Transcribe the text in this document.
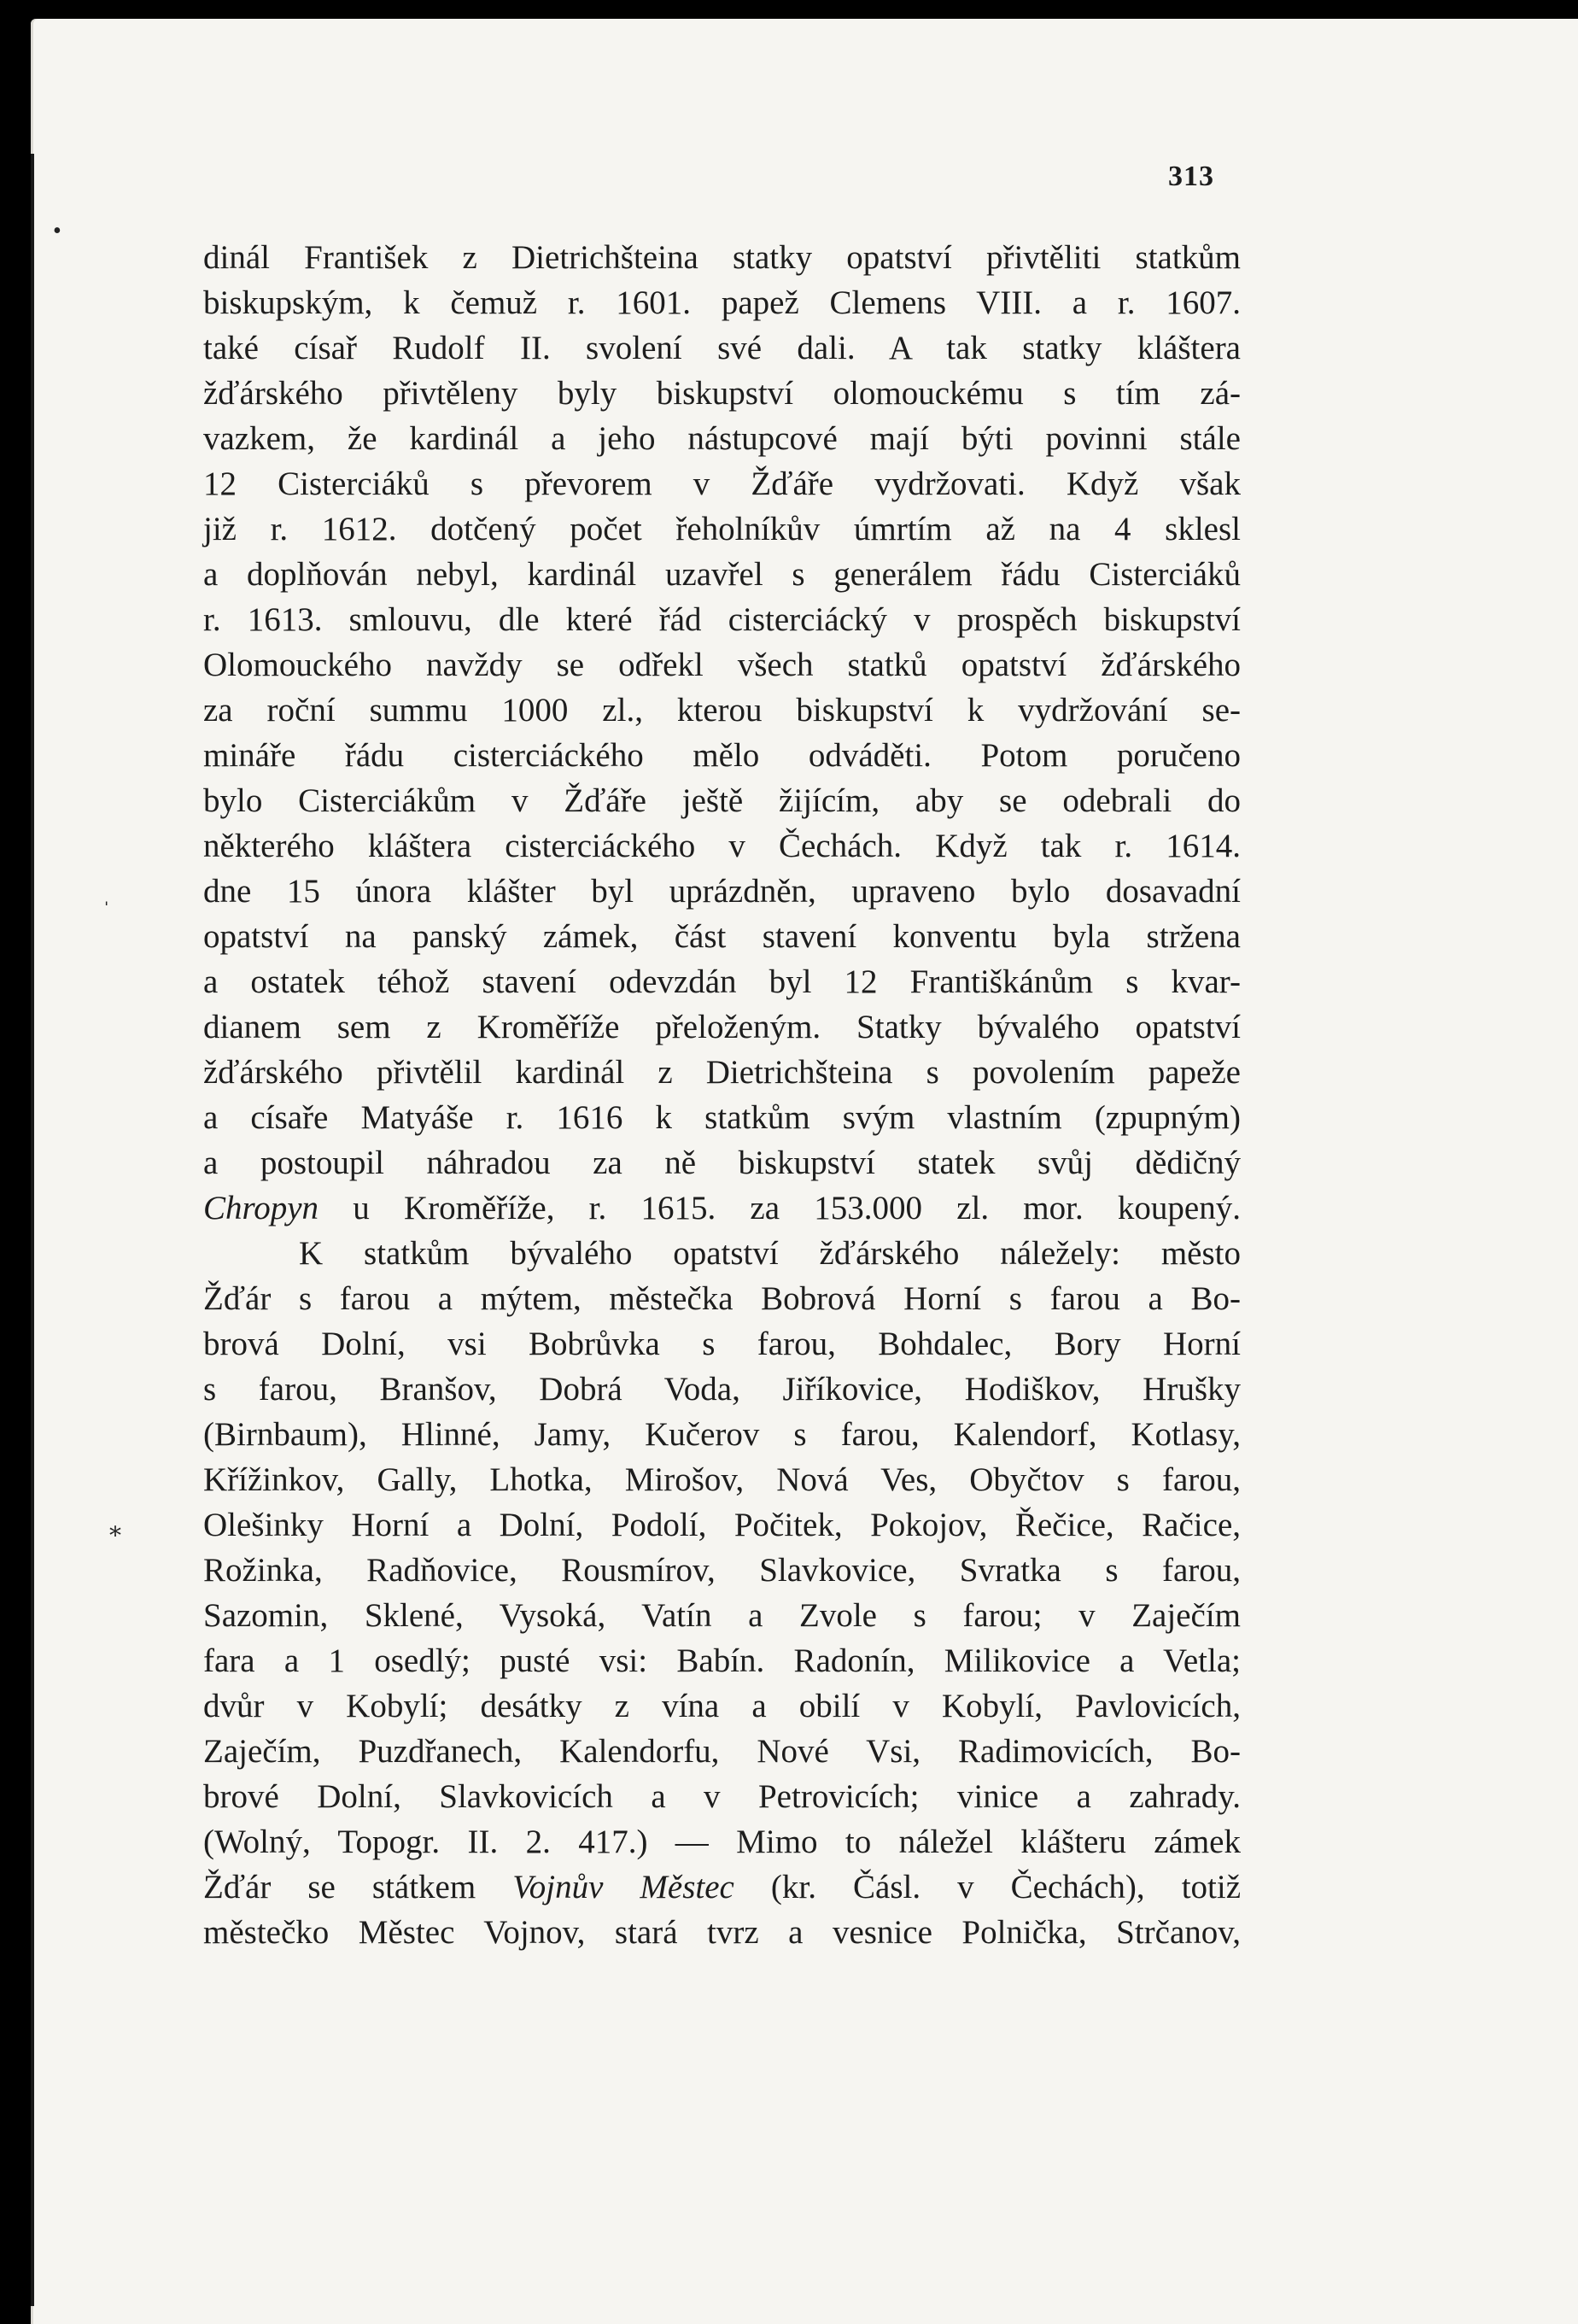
313
dinál František z Dietrichšteina statky opatství přivtěliti statkům
biskupským, k čemuž r. 1601. papež Clemens VIII. a r. 1607.
také císař Rudolf II. svolení své dali. A tak statky kláštera
žďárského přivtěleny byly biskupství olomouckému s tím zá-
vazkem, že kardinál a jeho nástupcové mají býti povinni stále
12 Cisterciáků s převorem v Žďáře vydržovati. Když však
již r. 1612. dotčený počet řeholníkův úmrtím až na 4 sklesl
a doplňován nebyl, kardinál uzavřel s generálem řádu Cisterciáků
r. 1613. smlouvu, dle které řád cisterciácký v prospěch biskupství
Olomouckého navždy se odřekl všech statků opatství žďárského
za roční summu 1000 zl., kterou biskupství k vydržování se-
mináře řádu cisterciáckého mělo odváděti. Potom poručeno
bylo Cisterciákům v Žďáře ještě žijícím, aby se odebrali do
některého kláštera cisterciáckého v Čechách. Když tak r. 1614.
dne 15 února klášter byl uprázdněn, upraveno bylo dosavadní
opatství na panský zámek, část stavení konventu byla stržena
a ostatek téhož stavení odevzdán byl 12 Františkánům s kvar-
dianem sem z Kroměříže přeloženým. Statky bývalého opatství
žďárského přivtělil kardinál z Dietrichšteina s povolením papeže
a císaře Matyáše r. 1616 k statkům svým vlastním (zpupným)
a postoupil náhradou za ně biskupství statek svůj dědičný
Chropyn u Kroměříže, r. 1615. za 153.000 zl. mor. koupený.
K statkům bývalého opatství žďárského náležely: město
Žďár s farou a mýtem, městečka Bobrová Horní s farou a Bo-
brová Dolní, vsi Bobrůvka s farou, Bohdalec, Bory Horní
s farou, Branšov, Dobrá Voda, Jiříkovice, Hodiškov, Hrušky
(Birnbaum), Hlinné, Jamy, Kučerov s farou, Kalendorf, Kotlasy,
Křížinkov, Gally, Lhotka, Mirošov, Nová Ves, Obyčtov s farou,
Olešinky Horní a Dolní, Podolí, Počitek, Pokojov, Řečice, Račice,
Rožinka, Radňovice, Rousmírov, Slavkovice, Svratka s farou,
Sazomin, Sklené, Vysoká, Vatín a Zvole s farou; v Zaječím
fara a 1 osedlý; pusté vsi: Babín. Radonín, Milikovice a Vetla;
dvůr v Kobylí; desátky z vína a obilí v Kobylí, Pavlovicích,
Zaječím, Puzdřanech, Kalendorfu, Nové Vsi, Radimovicích, Bo-
brové Dolní, Slavkovicích a v Petrovicích; vinice a zahrady.
(Wolný, Topogr. II. 2. 417.) — Mimo to náležel klášteru zámek
Žďár se státkem Vojnův Městec (kr. Čásl. v Čechách), totiž
městečko Městec Vojnov, stará tvrz a vesnice Polnička, Strčanov,
•
ˌ
⁎
